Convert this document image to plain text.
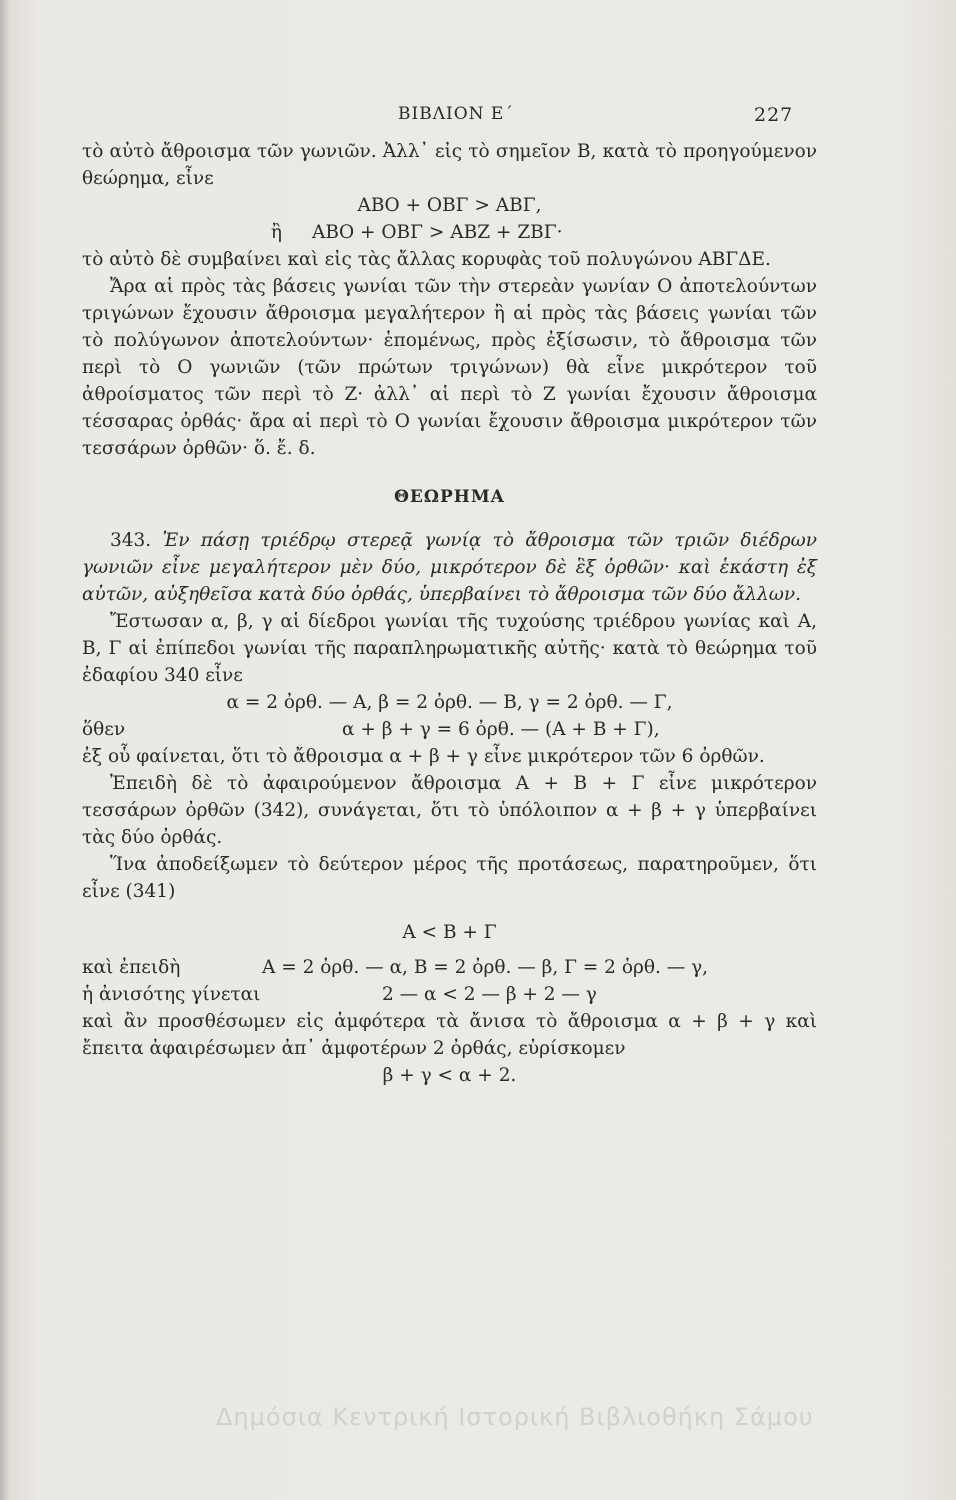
ΒΙΒΛΙΟΝ Ε΄	227

τὸ αὐτὸ ἄθροισμα τῶν γωνιῶν. Ἀλλ᾽ εἰς τὸ σημεῖον Β, κατὰ τὸ προηγούμενον θεώρημα, εἶνε

ΑΒΟ + ΟΒΓ > ΑΒΓ,

ἢ ΑΒΟ + ΟΒΓ > ΑΒΖ + ΖΒΓ·

τὸ αὐτὸ δὲ συμβαίνει καὶ εἰς τὰς ἄλλας κορυφὰς τοῦ πολυγώνου ΑΒΓΔΕ.

Ἄρα αἱ πρὸς τὰς βάσεις γωνίαι τῶν τὴν στερεὰν γωνίαν Ο ἀποτελούντων τριγώνων ἔχουσιν ἄθροισμα μεγαλήτερον ἢ αἱ πρὸς τὰς βάσεις γωνίαι τῶν τὸ πολύγωνον ἀποτελούντων· ἑπομένως, πρὸς ἐξίσωσιν, τὸ ἄθροισμα τῶν περὶ τὸ Ο γωνιῶν (τῶν πρώτων τριγώνων) θὰ εἶνε μικρότερον τοῦ ἀθροίσματος τῶν περὶ τὸ Ζ· ἀλλ᾽ αἱ περὶ τὸ Ζ γωνίαι ἔχουσιν ἄθροισμα τέσσαρας ὀρθάς· ἄρα αἱ περὶ τὸ Ο γωνίαι ἔχουσιν ἄθροισμα μικρότερον τῶν τεσσάρων ὀρθῶν· ὅ. ἔ. δ.

ΘΕΩΡΗΜΑ

343. Ἐν πάσῃ τριέδρῳ στερεᾷ γωνίᾳ τὸ ἄθροισμα τῶν τριῶν διέδρων γωνιῶν εἶνε μεγαλήτερον μὲν δύο, μικρότερον δὲ ἓξ ὀρθῶν· καὶ ἑκάστη ἐξ αὐτῶν, αὐξηθεῖσα κατὰ δύο ὀρθάς, ὑπερβαίνει τὸ ἄθροισμα τῶν δύο ἄλλων.

Ἔστωσαν α, β, γ αἱ δίεδροι γωνίαι τῆς τυχούσης τριέδρου γωνίας καὶ Α, Β, Γ αἱ ἐπίπεδοι γωνίαι τῆς παραπληρωματικῆς αὐτῆς· κατὰ τὸ θεώρημα τοῦ ἐδαφίου 340 εἶνε

α = 2 ὀρθ. — Α, β = 2 ὀρθ. — Β, γ = 2 ὀρθ. — Γ,

ὅθεν	α + β + γ = 6 ὀρθ. — (Α + Β + Γ),

ἐξ οὗ φαίνεται, ὅτι τὸ ἄθροισμα α + β + γ εἶνε μικρότερον τῶν 6 ὀρθῶν.

Ἐπειδὴ δὲ τὸ ἀφαιρούμενον ἄθροισμα Α + Β + Γ εἶνε μικρότερον τεσσάρων ὀρθῶν (342), συνάγεται, ὅτι τὸ ὑπόλοιπον α + β + γ ὑπερβαίνει τὰς δύο ὀρθάς.

Ἵνα ἀποδείξωμεν τὸ δεύτερον μέρος τῆς προτάσεως, παρατηροῦμεν, ὅτι εἶνε (341)

Α < Β + Γ

καὶ ἐπειδὴ	Α = 2 ὀρθ. — α, Β = 2 ὀρθ. — β, Γ = 2 ὀρθ. — γ,

ἡ ἀνισότης γίνεται	2 — α < 2 — β + 2 — γ

καὶ ἂν προσθέσωμεν εἰς ἀμφότερα τὰ ἄνισα τὸ ἄθροισμα α + β + γ καὶ ἔπειτα ἀφαιρέσωμεν ἀπ᾽ ἀμφοτέρων 2 ὀρθάς, εὑρίσκομεν

β + γ < α + 2.

Δημόσια Κεντρική Ιστορική Βιβλιοθήκη Σάμου
